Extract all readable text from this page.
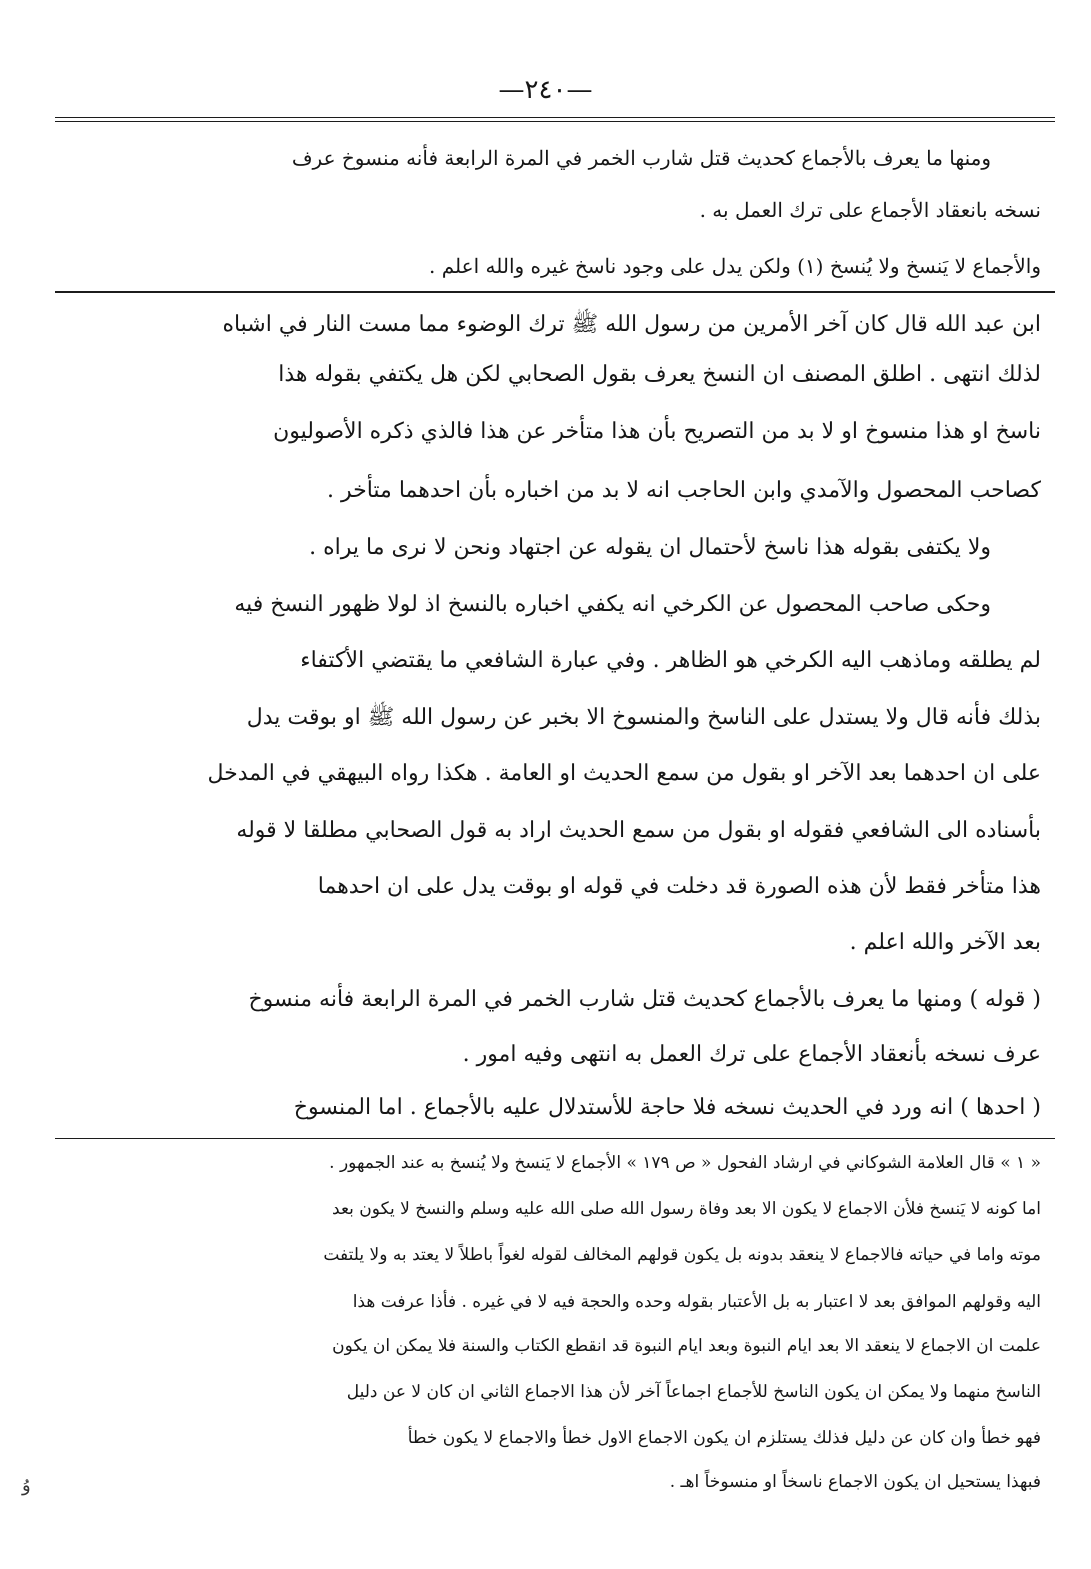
—٢٤٠—
ومنها ما يعرف بالأجماع كحديث قتل شارب الخمر في المرة الرابعة فأنه منسوخ عرف
نسخه بانعقاد الأجماع على ترك العمل به .
والأجماع لا يَنسخ ولا يُنسخ (١) ولكن يدل على وجود ناسخ غيره والله اعلم .
ابن عبد الله قال كان آخر الأمرين من رسول الله ﷺ ترك الوضوء مما مست النار في اشباه
لذلك انتهى . اطلق المصنف ان النسخ يعرف بقول الصحابي لكن هل يكتفي بقوله هذا
ناسخ او هذا منسوخ او لا بد من التصريح بأن هذا متأخر عن هذا فالذي ذكره الأصوليون
كصاحب المحصول والآمدي وابن الحاجب انه لا بد من اخباره بأن احدهما متأخر .
ولا يكتفى بقوله هذا ناسخ لأحتمال ان يقوله عن اجتهاد ونحن لا نرى ما يراه .
وحكى صاحب المحصول عن الكرخي انه يكفي اخباره بالنسخ اذ لولا ظهور النسخ فيه
لم يطلقه وماذهب اليه الكرخي هو الظاهر . وفي عبارة الشافعي ما يقتضي الأكتفاء
بذلك فأنه قال ولا يستدل على الناسخ والمنسوخ الا بخبر عن رسول الله ﷺ او بوقت يدل
على ان احدهما بعد الآخر او بقول من سمع الحديث او العامة . هكذا رواه البيهقي في المدخل
بأسناده الى الشافعي فقوله او بقول من سمع الحديث اراد به قول الصحابي مطلقا لا قوله
هذا متأخر فقط لأن هذه الصورة قد دخلت في قوله او بوقت يدل على ان احدهما
بعد الآخر والله اعلم .
( قوله ) ومنها ما يعرف بالأجماع كحديث قتل شارب الخمر في المرة الرابعة فأنه منسوخ
عرف نسخه بأنعقاد الأجماع على ترك العمل به انتهى وفيه امور .
( احدها ) انه ورد في الحديث نسخه فلا حاجة للأستدلال عليه بالأجماع . اما المنسوخ
« ١ » قال العلامة الشوكاني في ارشاد الفحول « ص ١٧٩ » الأجماع لا يَنسخ ولا يُنسخ به عند الجمهور .
اما كونه لا يَنسخ فلأن الاجماع لا يكون الا بعد وفاة رسول الله صلى الله عليه وسلم والنسخ لا يكون بعد
موته واما في حياته فالاجماع لا ينعقد بدونه بل يكون قولهم المخالف لقوله لغواً باطلاً لا يعتد به ولا يلتفت
اليه وقولهم الموافق بعد لا اعتبار به بل الأعتبار بقوله وحده والحجة فيه لا في غيره . فأذا عرفت هذا
علمت ان الاجماع لا ينعقد الا بعد ايام النبوة وبعد ايام النبوة قد انقطع الكتاب والسنة فلا يمكن ان يكون
الناسخ منهما ولا يمكن ان يكون الناسخ للأجماع اجماعاً آخر لأن هذا الاجماع الثاني ان كان لا عن دليل
فهو خطأ وان كان عن دليل فذلك يستلزم ان يكون الاجماع الاول خطأ والاجماع لا يكون خطأ
فبهذا يستحيل ان يكون الاجماع ناسخاً او منسوخاً اهـ .
وُ
